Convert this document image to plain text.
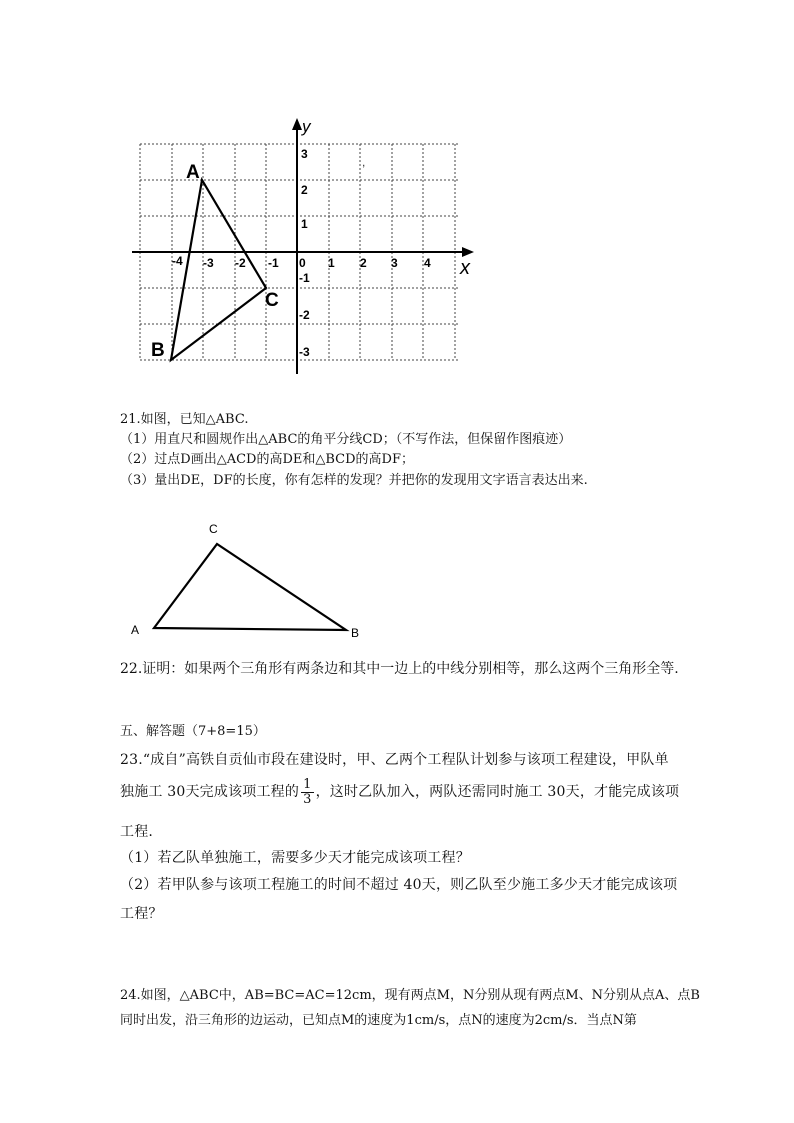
y
x
0
-4 -3 -2 -1	1 2 3 4
3
2
1
-1
-2
-3
,
A
B
C
21.如图，已知△ABC.
（1）用直尺和圆规作出△ABC的角平分线CD；（不写作法，但保留作图痕迹）
（2）过点D画出△ACD的高DE和△BCD的高DF；
（3）量出DE，DF的长度，你有怎样的发现？并把你的发现用文字语言表达出来.
C
A	B
22.证明：如果两个三角形有两条边和其中一边上的中线分别相等，那么这两个三角形全等.
五、解答题（7+8=15）
23.“成自”高铁自贡仙市段在建设时，甲、乙两个工程队计划参与该项工程建设，甲队单
独施工 30天完成该项工程的 $\frac{1}{3}$ ，这时乙队加入，两队还需同时施工 30天，才能完成该项
工程.
（1）若乙队单独施工，需要多少天才能完成该项工程？
（2）若甲队参与该项工程施工的时间不超过 40天，则乙队至少施工多少天才能完成该项
工程？
24.如图，△ABC中，AB=BC=AC=12cm，现有两点M，N分别从现有两点M、N分别从点A、点B
同时出发，沿三角形的边运动，已知点M的速度为1cm/s，点N的速度为2cm/s．当点N第
